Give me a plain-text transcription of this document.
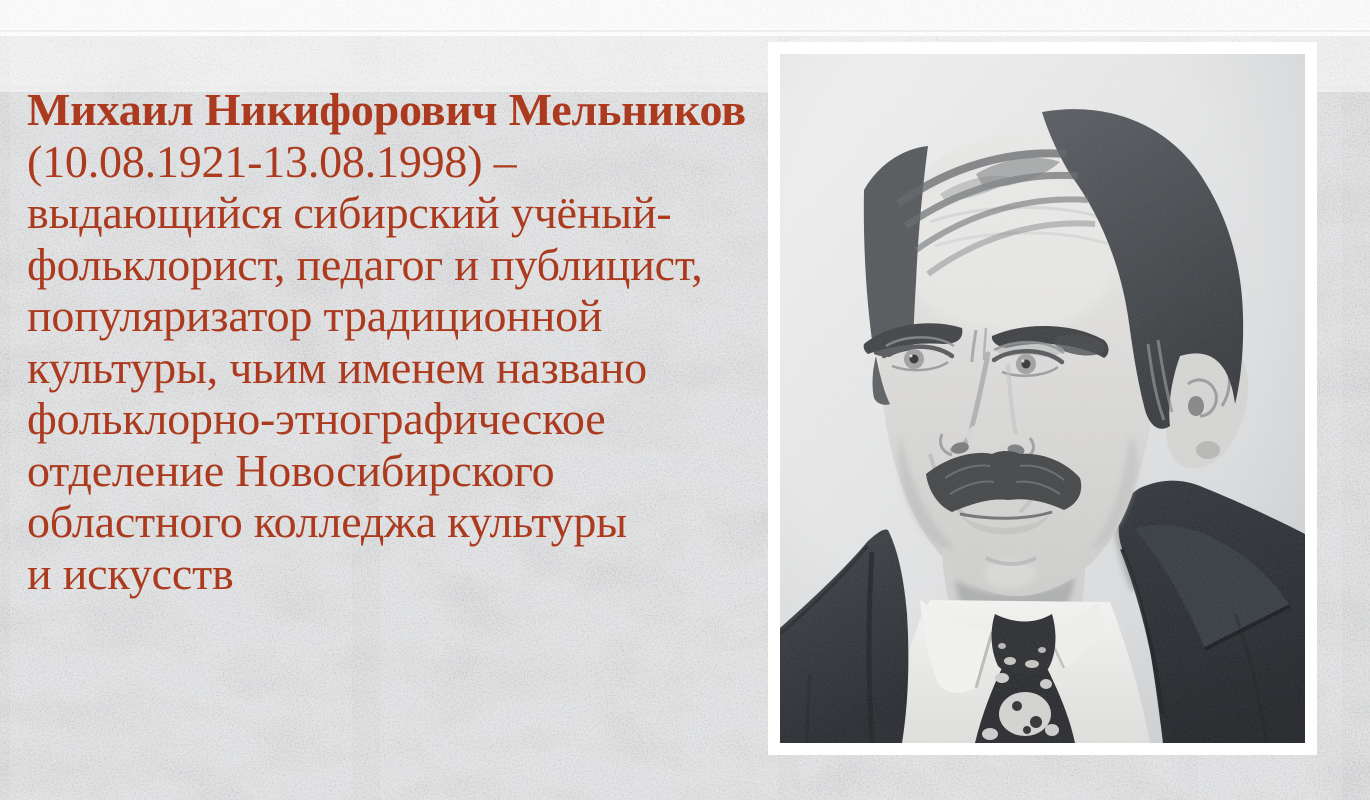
Михаил Никифорович Мельников
(10.08.1921-13.08.1998) –
выдающийся сибирский учёный-
фольклорист, педагог и публицист,
популяризатор традиционной
культуры, чьим именем названо
фольклорно-этнографическое
отделение Новосибирского
областного колледжа культуры
и искусств
